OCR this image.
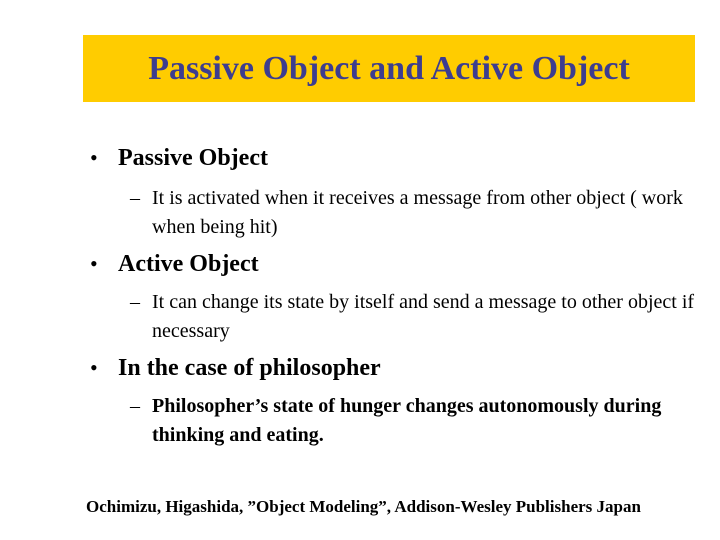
Passive Object and Active Object
• Passive Object
– It is activated when it receives a message from other object ( work when being hit)
• Active Object
– It can change its state by itself and send a message to other object if necessary
• In the case of philosopher
– Philosopher’s state of hunger changes autonomously during thinking and eating.
Ochimizu, Higashida, ”Object Modeling”, Addison-Wesley Publishers Japan
